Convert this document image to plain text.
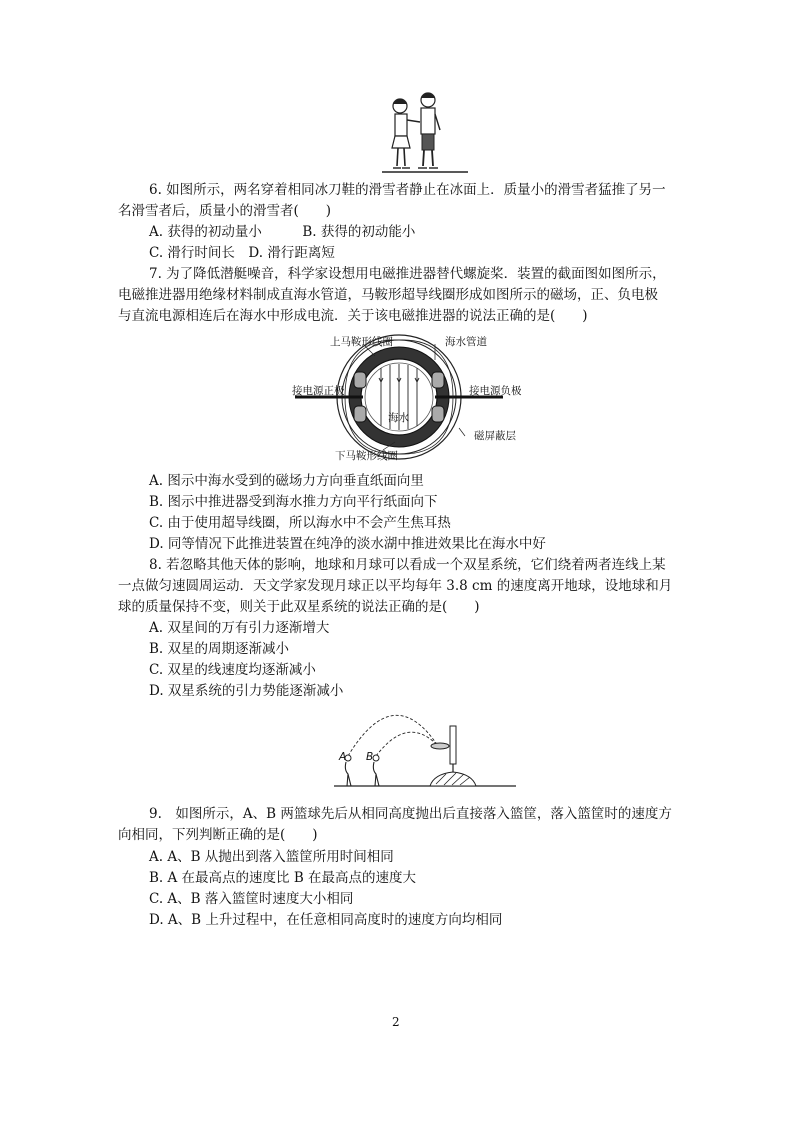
6. 如图所示，两名穿着相同冰刀鞋的滑雪者静止在冰面上．质量小的滑雪者猛推了另一
名滑雪者后，质量小的滑雪者(　　)
A. 获得的初动量小　　　B. 获得的初动能小
C. 滑行时间长　D. 滑行距离短
7. 为了降低潜艇噪音，科学家设想用电磁推进器替代螺旋桨．装置的截面图如图所示，
电磁推进器用绝缘材料制成直海水管道，马鞍形超导线圈形成如图所示的磁场，正、负电极
与直流电源相连后在海水中形成电流．关于该电磁推进器的说法正确的是(　　)
上马鞍形线圈	海水管道
接电源正极	接电源负极
海水
磁屏蔽层
下马鞍形线圈
A. 图示中海水受到的磁场力方向垂直纸面向里
B. 图示中推进器受到海水推力方向平行纸面向下
C. 由于使用超导线圈，所以海水中不会产生焦耳热
D. 同等情况下此推进装置在纯净的淡水湖中推进效果比在海水中好
8. 若忽略其他天体的影响，地球和月球可以看成一个双星系统，它们绕着两者连线上某
一点做匀速圆周运动．天文学家发现月球正以平均每年 3.8 cm 的速度离开地球，设地球和月
球的质量保持不变，则关于此双星系统的说法正确的是(　　)
A. 双星间的万有引力逐渐增大
B. 双星的周期逐渐减小
C. 双星的线速度均逐渐减小
D. 双星系统的引力势能逐渐减小
A B
9.　如图所示，A、B 两篮球先后从相同高度抛出后直接落入篮筐，落入篮筐时的速度方
向相同，下列判断正确的是(　　)
A. A、B 从抛出到落入篮筐所用时间相同
B. A 在最高点的速度比 B 在最高点的速度大
C. A、B 落入篮筐时速度大小相同
D. A、B 上升过程中，在任意相同高度时的速度方向均相同
2
